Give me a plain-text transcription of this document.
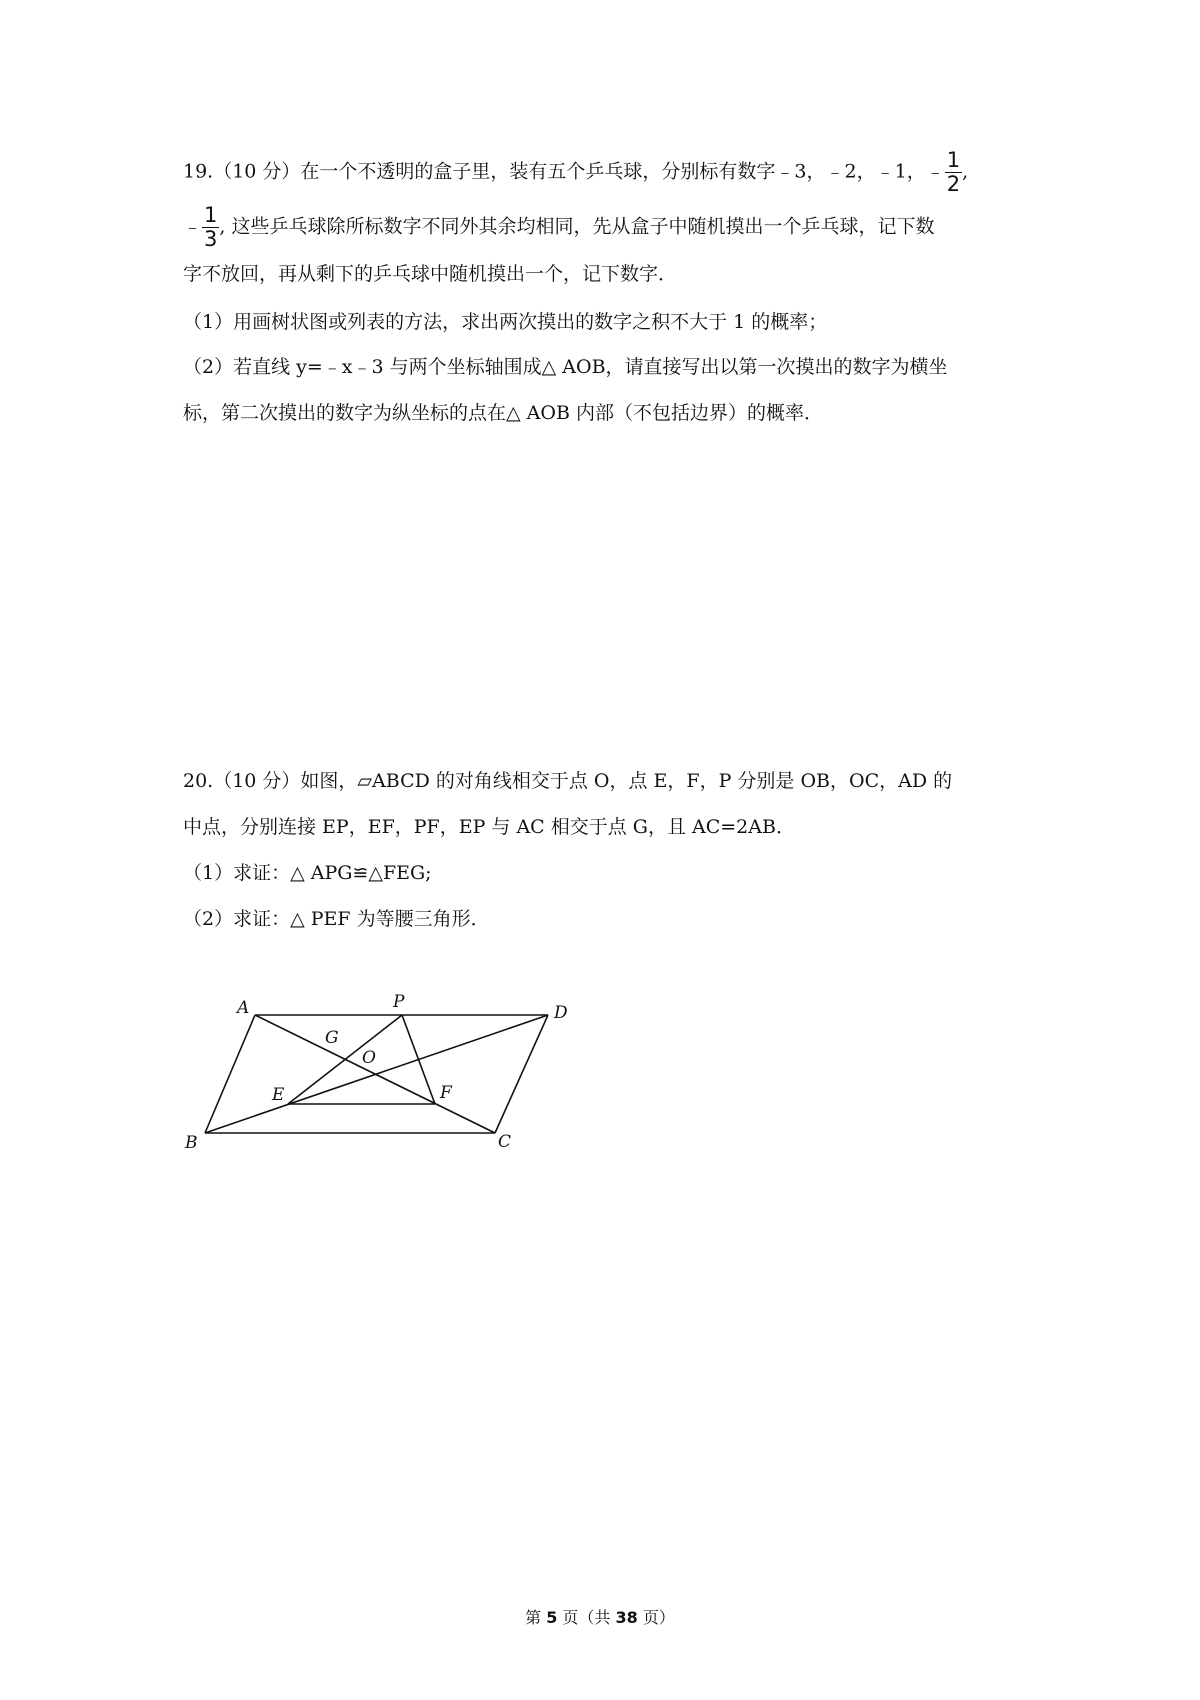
19.（10 分）在一个不透明的盒子里，装有五个乒乓球，分别标有数字﹣3，﹣2，﹣1，﹣ $\frac{1}{2}$ ,
﹣ $\frac{1}{3}$ , 这些乒乓球除所标数字不同外其余均相同，先从盒子中随机摸出一个乒乓球，记下数
字不放回，再从剩下的乒乓球中随机摸出一个，记下数字．
（1）用画树状图或列表的方法，求出两次摸出的数字之积不大于 1 的概率；
（2）若直线 y=﹣x﹣3 与两个坐标轴围成△ AOB，请直接写出以第一次摸出的数字为横坐
标，第二次摸出的数字为纵坐标的点在△ AOB 内部（不包括边界）的概率．
20.（10 分）如图，▱ABCD 的对角线相交于点 O，点 E，F，P 分别是 OB，OC，AD 的
中点，分别连接 EP，EF，PF，EP 与 AC 相交于点 G，且 AC=2AB．
（1）求证：△ APG≌△FEG;
（2）求证：△ PEF 为等腰三角形．
A	P
D
G
O
E	F
B	C
第 5 页（共 38 页）
